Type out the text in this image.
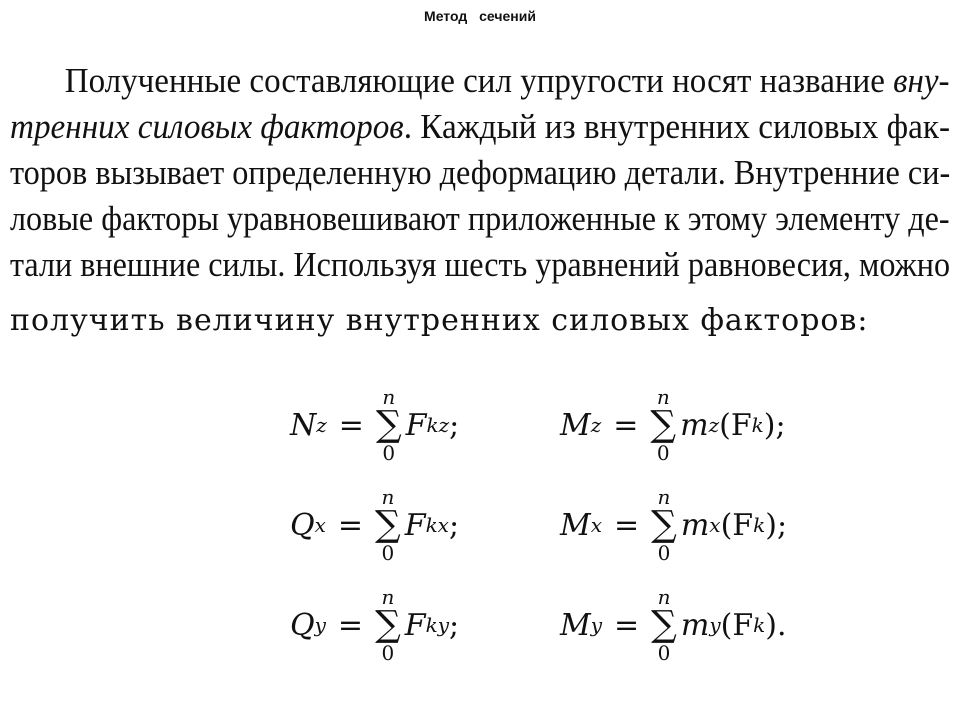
Метод сечений
Полученные составляющие сил упругости носят название вну-
тренних силовых факторов. Каждый из внутренних силовых фак-
торов вызывает определенную деформацию детали. Внутренние си-
ловые факторы уравновешивают приложенные к этому элементу де-
тали внешние силы. Используя шесть уравнений равновесия, можно
получить величину внутренних силовых факторов:
N z =
n
∑
0
F kz ;	M z =
n
∑
0
m z (F k ) ;
Q x =
n
∑
0
F kx ;	M x =
n
∑
0
m x (F k ) ;
Q y =
n
∑
0
F ky ;	M y =
n
∑
0
m y (F k ) .
